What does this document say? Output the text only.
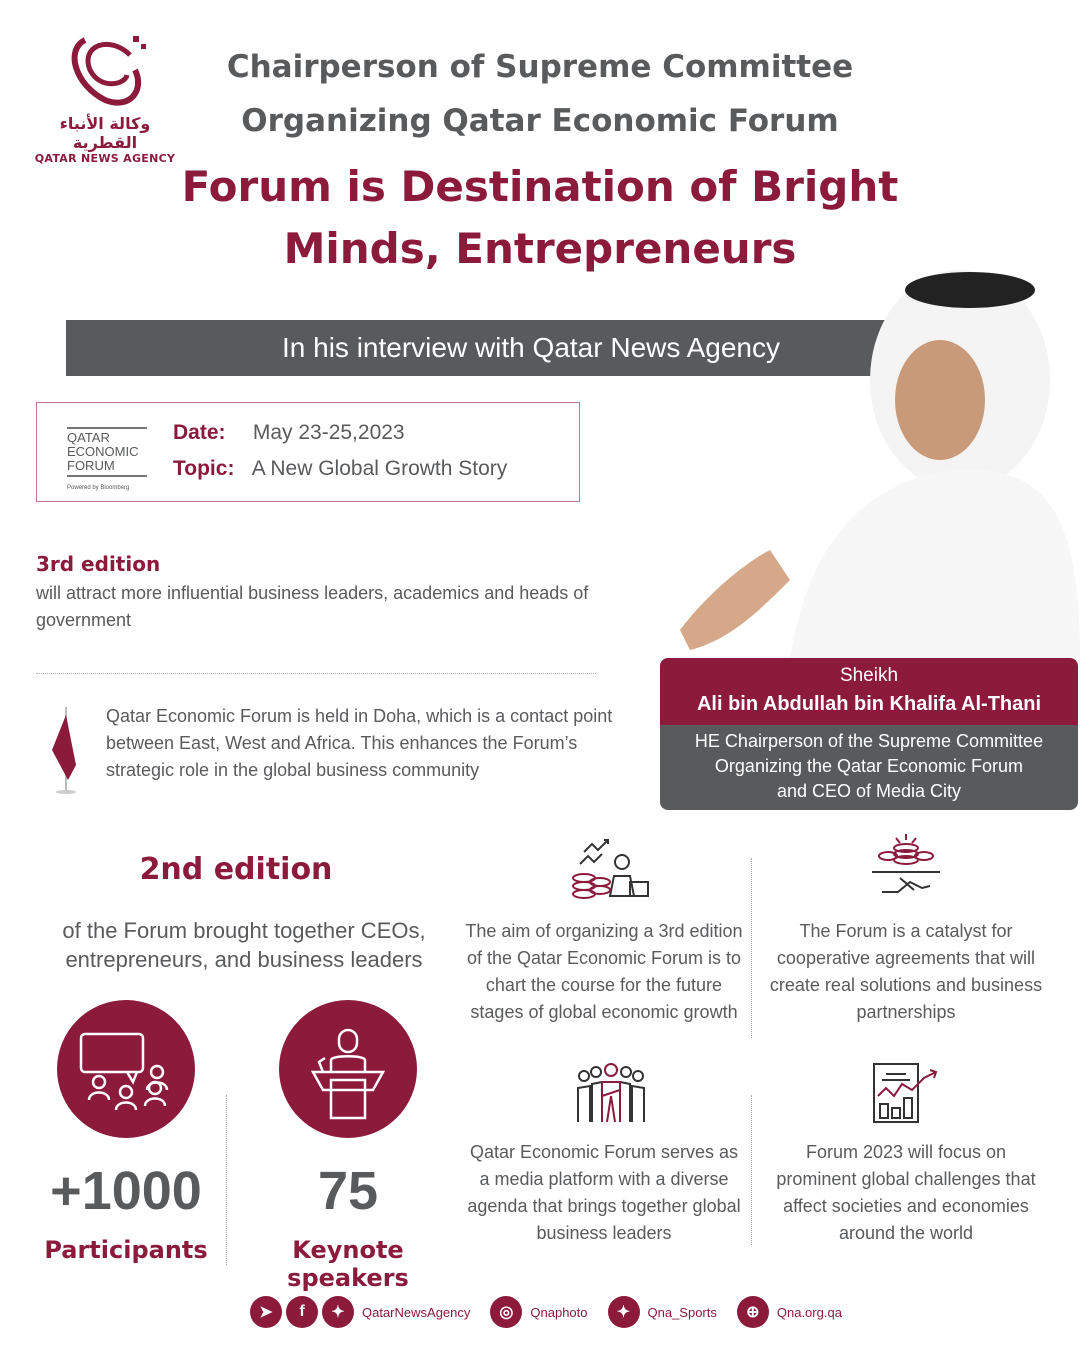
وكالة الأنباء القطرية
QATAR NEWS AGENCY
Chairperson of Supreme Committee
Organizing Qatar Economic Forum
Forum is Destination of Bright
Minds, Entrepreneurs
In his interview with Qatar News Agency
QATAR
ECONOMIC
FORUM
Powered by Bloomberg
Date: May 23-25,2023
Topic: A New Global Growth Story
3rd edition
will attract more influential business leaders, academics and heads of government
Qatar Economic Forum is held in Doha, which is a contact point between East, West and Africa. This enhances the Forum’s strategic role in the global business community
Sheikh
Ali bin Abdullah bin Khalifa Al-Thani
HE Chairperson of the Supreme Committee
Organizing the Qatar Economic Forum
and CEO of Media City
2nd edition
of the Forum brought together CEOs, entrepreneurs, and business leaders
+1000	75
Participants	Keynote speakers
The aim of organizing a 3rd edition of the Qatar Economic Forum is to chart the course for the future stages of global economic growth
The Forum is a catalyst for cooperative agreements that will create real solutions and business partnerships
Qatar Economic Forum serves as a media platform with a diverse agenda that brings together global business leaders
Forum 2023 will focus on prominent global challenges that affect societies and economies around the world
➤	f	✦	QatarNewsAgency	◎	Qnaphoto	✦	Qna_Sports	⊕	Qna.org.qa
